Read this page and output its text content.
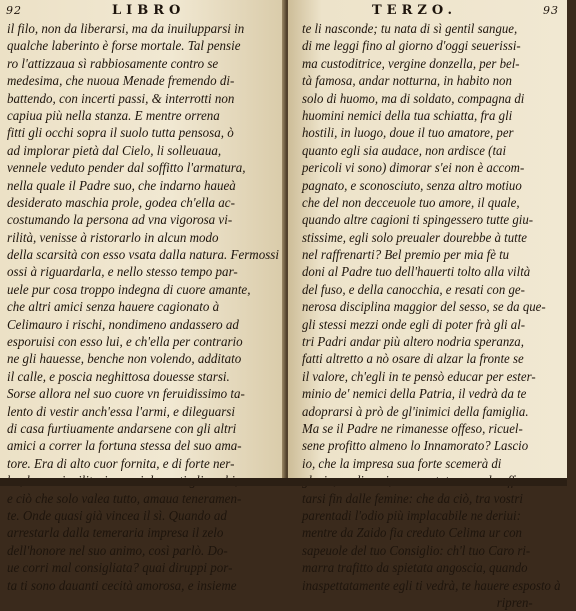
92	LIBRO
il filo, non da liberarsi, ma da inuilupparsi in
qualche laberinto è forse mortale. Tal pensie
ro l'attizzaua sì rabbiosamente contro se
medesima, che nuoua Menade fremendo di-
battendo, con incerti passi, & interrotti non
capiua più nella stanza. E mentre orrena
fitti gli occhi sopra il suolo tutta pensosa, ò
ad implorar pietà dal Cielo, li solleuaua,
vennele veduto pender dal soffitto l'armatura,
nella quale il Padre suo, che indarno haueà
desiderato maschia prole, godea ch'ella ac-
costumando la persona ad vna vigorosa vi-
rilità, venisse à ristorarlo in alcun modo
della scarsità con esso vsata dalla natura. Fermossi
ossi à riguardarla, e nello stesso tempo par-
uele pur cosa troppo indegna di cuore amante,
che altri amici senza hauere cagionato à
Celimauro i rischi, nondimeno andassero ad
esporuisi con esso lui, e ch'ella per contrario
ne gli hauesse, benche non volendo, additato
il calle, e poscia neghittosa douesse starsi.
Sorse allora nel suo cuore vn feruidissimo ta-
lento di vestir anch'essa l'armi, e dileguarsi
di casa furtiuamente andarsene con gli altri
amici a correr la fortuna stessa del suo ama-
tore. Era di alto cuor fornita, e di forte ner-
e ciò che solo valea tutto, amaua teneramen-
te. Onde quasi già vincea il sì. Quando ad
arrestarla dalla temeraria impresa il zelo
dell'honore nel suo animo, così parlò. Do-
ue corri mal consigliata? quai diruppi por-
ta ti sono dauanti cecità amorosa, e insieme
TERZO.	93
te li nasconde; tu nata di sì gentil sangue,
di me leggi fino al giorno d'oggi seuerissi-
ma custoditrice, vergine donzella, per bel-
tà famosa, andar notturna, in habito non
solo di huomo, ma di soldato, compagna di
huomini nemici della tua schiatta, fra gli
hostili, in luogo, doue il tuo amatore, per
quanto egli sia audace, non ardisce (tai
pericoli vi sono) dimorar s'ei non è accom-
pagnato, e sconosciuto, senza altro motiuo
che del non decceuole tuo amore, il quale,
quando altre cagioni ti spingessero tutte giu-
stissime, egli solo preualer dourebbe à tutte
nel raffrenarti? Bel premio per mia fè tu
doni al Padre tuo dell'hauerti tolto alla viltà
del fuso, e della canocchia, e resati con ge-
nerosa disciplina maggior del sesso, se da que-
gli stessi mezzi onde egli di poter frà gli al-
tri Padri andar più altero nodria speranza,
fatti altretto a nò osare di alzar la fronte se
il valore, ch'egli in te pensò educar per ester-
minio de' nemici della Patria, il vedrà da te
adoprarsi à prò de gl'inimici della famiglia.
Ma se il Padre ne rimanesse offeso, ricuel-
sene profitto almeno lo Innamorato? Lascio
io, che la impresa sua forte scemerà di
tarsi fin dalle femine: che da ciò, tra vostri
parentadi l'odio più implacabile ne deriui:
mentre da Zaido fia creduto Celima ur con
sapeuole del tuo Consiglio: ch'l tuo Caro ri-
marra trafitto da spietata angoscia, quando
inaspettatamente egli ti vedrà, te hauere esposto à
ripren-
